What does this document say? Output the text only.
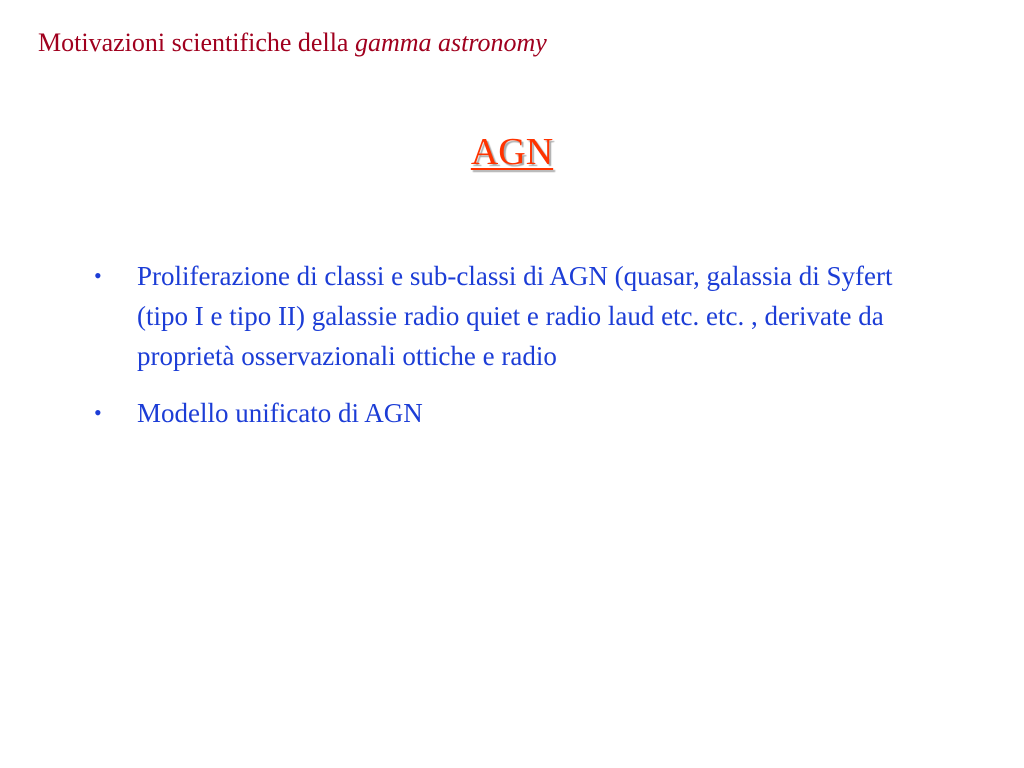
Motivazioni scientifiche della gamma astronomy
AGN
•	Proliferazione di classi e sub-classi di AGN (quasar, galassia di Syfert (tipo I e tipo II) galassie radio quiet e radio laud etc. etc. , derivate da proprietà osservazionali ottiche e radio
•	Modello unificato di AGN
